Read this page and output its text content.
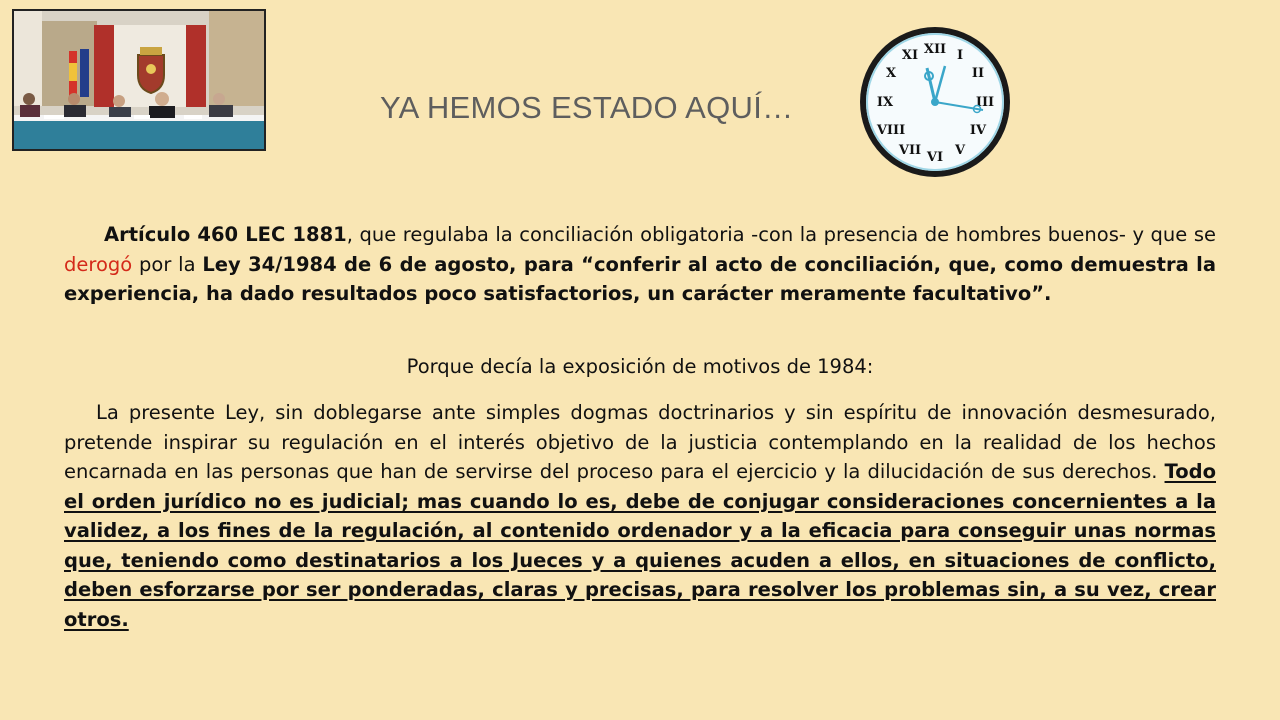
YA HEMOS ESTADO AQUÍ…
XII I
II
III
IV
V
VI
VII
VIII
IX
X
XI

Artículo 460 LEC 1881, que regulaba la conciliación obligatoria -con la presencia de hombres buenos- y que se derogó por la Ley 34/1984 de 6 de agosto, para “conferir al acto de conciliación, que, como demuestra la experiencia, ha dado resultados poco satisfactorios, un carácter meramente facultativo”.

Porque decía la exposición de motivos de 1984:

La presente Ley, sin doblegarse ante simples dogmas doctrinarios y sin espíritu de innovación desmesurado, pretende inspirar su regulación en el interés objetivo de la justicia contemplando en la realidad de los hechos encarnada en las personas que han de servirse del proceso para el ejercicio y la dilucidación de sus derechos. Todo el orden jurídico no es judicial; mas cuando lo es, debe de conjugar consideraciones concernientes a la validez, a los fines de la regulación, al contenido ordenador y a la eficacia para conseguir unas normas que, teniendo como destinatarios a los Jueces y a quienes acuden a ellos, en situaciones de conflicto, deben esforzarse por ser ponderadas, claras y precisas, para resolver los problemas sin, a su vez, crear otros.
